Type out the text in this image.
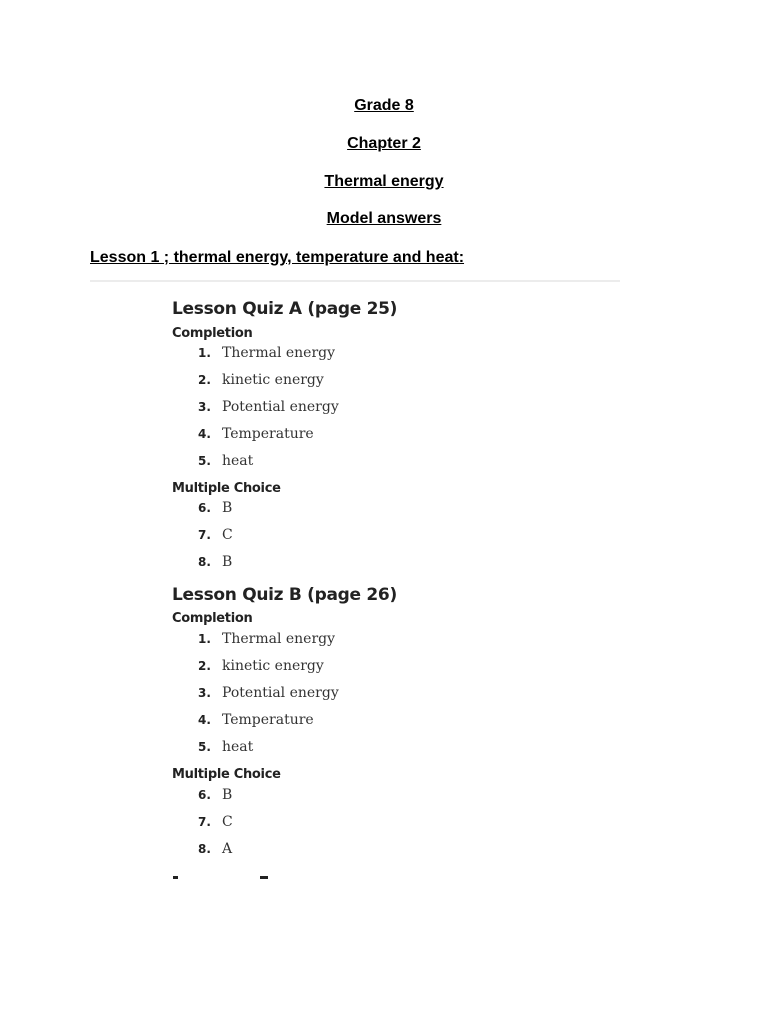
Grade 8
Chapter 2
Thermal energy
Model answers
Lesson 1 ; thermal energy, temperature and heat:
Lesson Quiz A (page 25)
Completion
1. Thermal energy
2. kinetic energy
3. Potential energy
4. Temperature
5. heat
Multiple Choice
6. B
7. C
8. B
Lesson Quiz B (page 26)
Completion
1. Thermal energy
2. kinetic energy
3. Potential energy
4. Temperature
5. heat
Multiple Choice
6. B
7. C
8. A
